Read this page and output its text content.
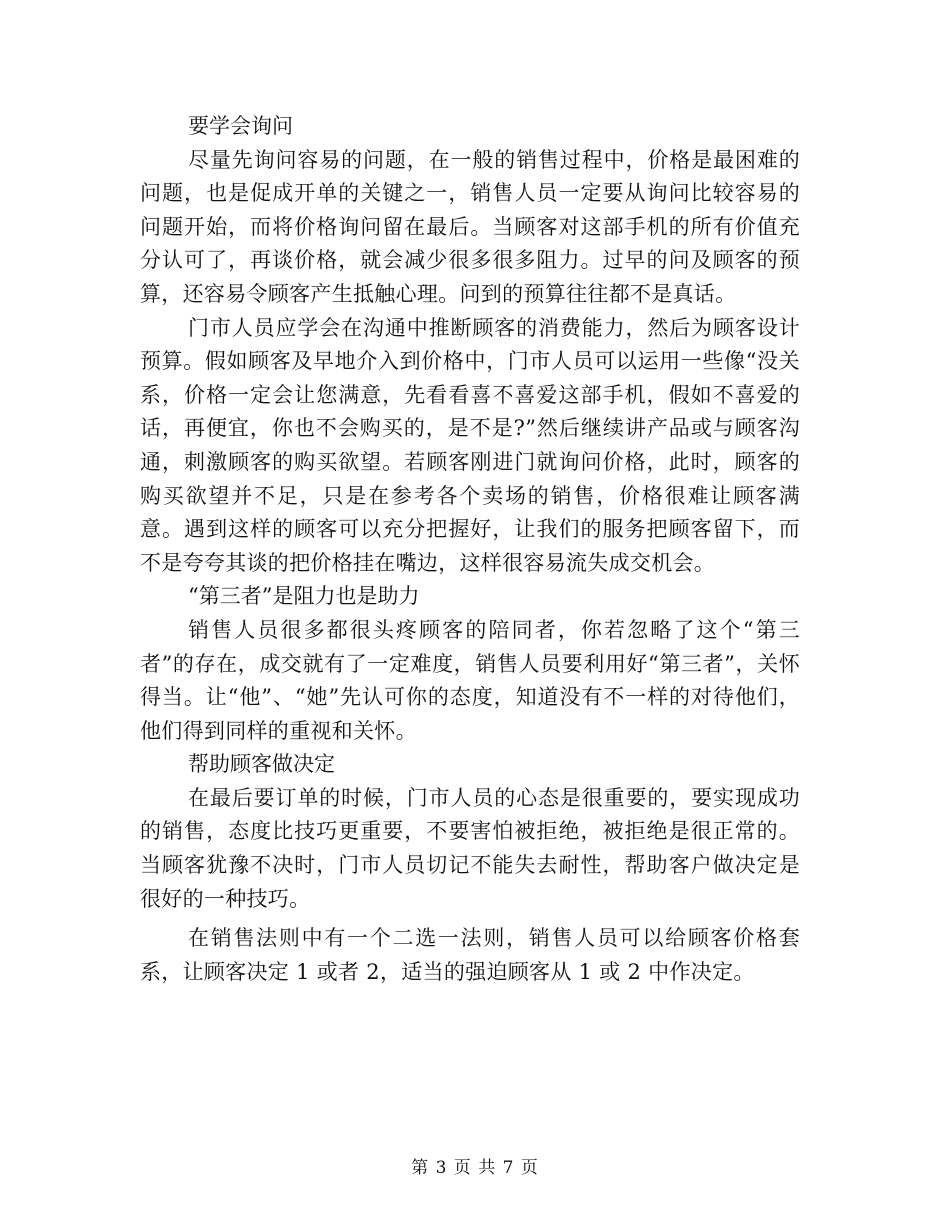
要学会询问

尽量先询问容易的问题，在一般的销售过程中，价格是最困难的问题，也是促成开单的关键之一，销售人员一定要从询问比较容易的问题开始，而将价格询问留在最后。当顾客对这部手机的所有价值充分认可了，再谈价格，就会减少很多很多阻力。过早的问及顾客的预算，还容易令顾客产生抵触心理。问到的预算往往都不是真话。

门市人员应学会在沟通中推断顾客的消费能力，然后为顾客设计预算。假如顾客及早地介入到价格中，门市人员可以运用一些像“没关系，价格一定会让您满意，先看看喜不喜爱这部手机，假如不喜爱的话，再便宜，你也不会购买的，是不是?”然后继续讲产品或与顾客沟通，刺激顾客的购买欲望。若顾客刚进门就询问价格，此时，顾客的购买欲望并不足，只是在参考各个卖场的销售，价格很难让顾客满意。遇到这样的顾客可以充分把握好，让我们的服务把顾客留下，而不是夸夸其谈的把价格挂在嘴边，这样很容易流失成交机会。

“第三者”是阻力也是助力

销售人员很多都很头疼顾客的陪同者，你若忽略了这个“第三者”的存在，成交就有了一定难度，销售人员要利用好“第三者”，关怀得当。让“他”、“她”先认可你的态度，知道没有不一样的对待他们，他们得到同样的重视和关怀。

帮助顾客做决定

在最后要订单的时候，门市人员的心态是很重要的，要实现成功的销售，态度比技巧更重要，不要害怕被拒绝，被拒绝是很正常的。当顾客犹豫不决时，门市人员切记不能失去耐性，帮助客户做决定是很好的一种技巧。

在销售法则中有一个二选一法则，销售人员可以给顾客价格套系，让顾客决定 1 或者 2，适当的强迫顾客从 1 或 2 中作决定。

第 3 页 共 7 页
